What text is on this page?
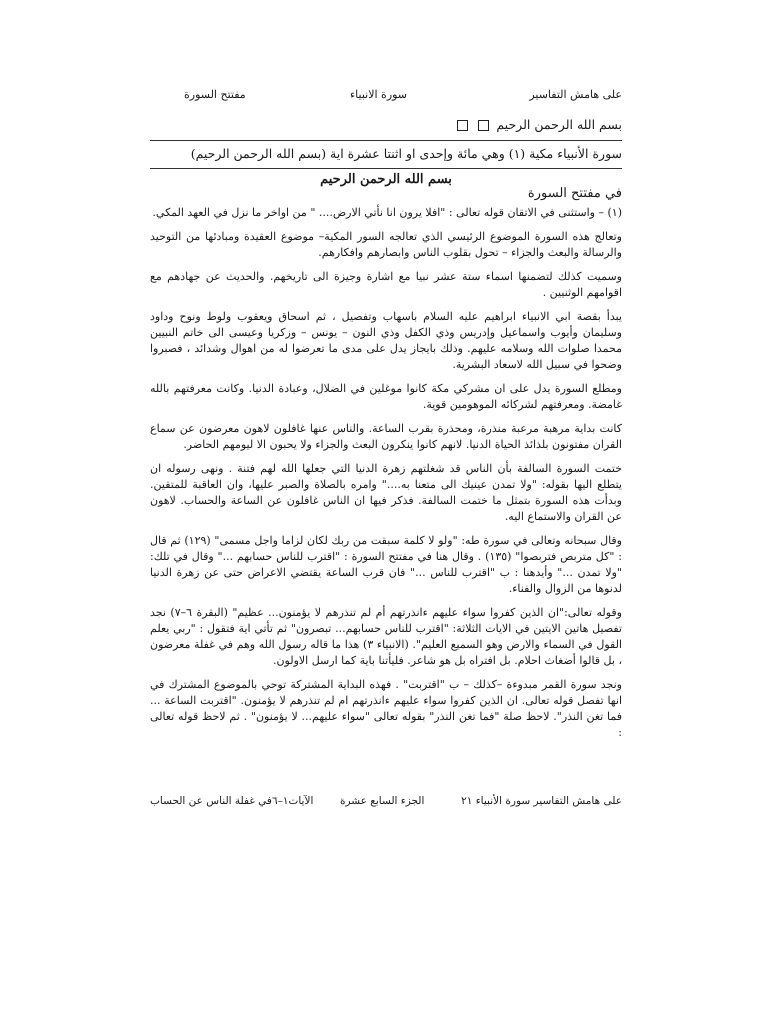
على هامش التفاسير
سورة الانبياء
مفتتح السورة
بسم الله الرحمن الرحيم
سورة الأنبياء مكية (١) وهي مائة وإحدى او اثنتا عشرة اية (بسم الله الرحمن الرحيم)
بسم الله الرحمن الرحيم
في مفتتح السورة

(١) – واستثنى في الاتقان قوله تعالى : "افلا يرون انا نأتي الارض.... " من اواخر ما نزل في العهد المكي.

وتعالج هذه السورة الموضوع الرئيسي الذي تعالجه السور المكية– موضوع العقيدة ومبادئها من التوحيد والرسالة والبعث والجزاء – تحول بقلوب الناس وابصارهم وافكارهم.

وسميت كذلك لتضمنها اسماء ستة عشر نبيا مع اشارة وجيزة الى تاريخهم. والحديث عن جهادهم مع اقوامهم الوثنيين .

يبدأ بقصة ابي الانبياء ابراهيم عليه السلام باسهاب وتفصيل ، ثم اسحاق ويعقوب ولوط ونوح وداود وسليمان وأيوب واسماعيل وإدريس وذي الكفل وذي النون – يونس – وزكريا وعيسى الى خاتم النبيين محمدا صلوات الله وسلامه عليهم. وذلك بايجاز يدل على مدى ما تعرضوا له من اهوال وشدائد ، فصبروا وضحوا في سبيل الله لاسعاد البشرية.

ومطلع السورة يدل على ان مشركي مكة كانوا موغلين في الضلال، وعبادة الدنيا. وكانت معرفتهم بالله غامضة. ومعرفتهم لشركائه الموهومين قوية.

كانت بداية مرهبة مرعبة منذرة، ومحذرة بقرب الساعة. والناس عنها غافلون لاهون معرضون عن سماع القران مفتونون بلذائذ الحياة الدنيا. لانهم كانوا ينكرون البعث والجزاء ولا يحبون الا ليومهم الحاضر.

ختمت السورة السالفة بأن الناس قد شغلتهم زهرة الدنيا التي جعلها الله لهم فتنة . ونهى رسوله ان يتطلع اليها بقوله: "ولا تمدن عينيك الى متعنا به...." وامره بالصلاة والصبر عليها، وان العاقبة للمتقين. وبدأت هذه السورة بتمثل ما ختمت السالفة. فذكر فيها ان الناس غافلون عن الساعة والحساب. لاهون عن القران والاستماع اليه.

وقال سبحانه وتعالى في سورة طه: "ولو لا كلمة سبقت من ربك لكان لزاما واجل مسمى" (١٢٩) ثم قال : "كل متربص فتربصوا" (١٣٥) . وقال هنا في مفتتح السورة : "اقترب للناس حسابهم ..." وقال في تلك: "ولا تمدن ..." وأيدهنا : ب "اقترب للناس ..." فان قرب الساعة يقتضي الاعراض حتى عن زهرة الدنيا لدنوها من الزوال والفناء.

وقوله تعالى:"ان الذين كفروا سواء عليهم ءانذرتهم أم لم تنذرهم لا يؤمنون... عظيم" (البقرة ٦–٧) نجد تفصيل هاتين الايتين في الايات الثلاثة: "اقترب للناس حسابهم... تبصرون" ثم تأتي اية فتقول : "ربي يعلم القول في السماء والارض وهو السميع العليم". (الانبياء ٣) هذا ما قاله رسول الله وهم في غفلة معرضون ، بل قالوا أضغاث احلام. بل افتراه بل هو شاعر. فليأتنا باية كما ارسل الاولون.

ونجد سورة القمر مبدوءة –كذلك – ب "اقتربت" . فهذه البداية المشتركة توحي بالموضوع المشترك في انها تفصل قوله تعالى. ان الذين كفروا سواء عليهم ءانذرتهم ام لم تنذرهم لا يؤمنون. "اقتربت الساعة ... فما تغن النذر". لاحظ صلة "فما تغن النذر" بقوله تعالى "سواء عليهم... لا يؤمنون" . ثم لاحظ قوله تعالى :

على هامش التفاسير سورة الأنبياء ٢١
الجزء السابع عشرة
الآيات١–٦في غفلة الناس عن الحساب
